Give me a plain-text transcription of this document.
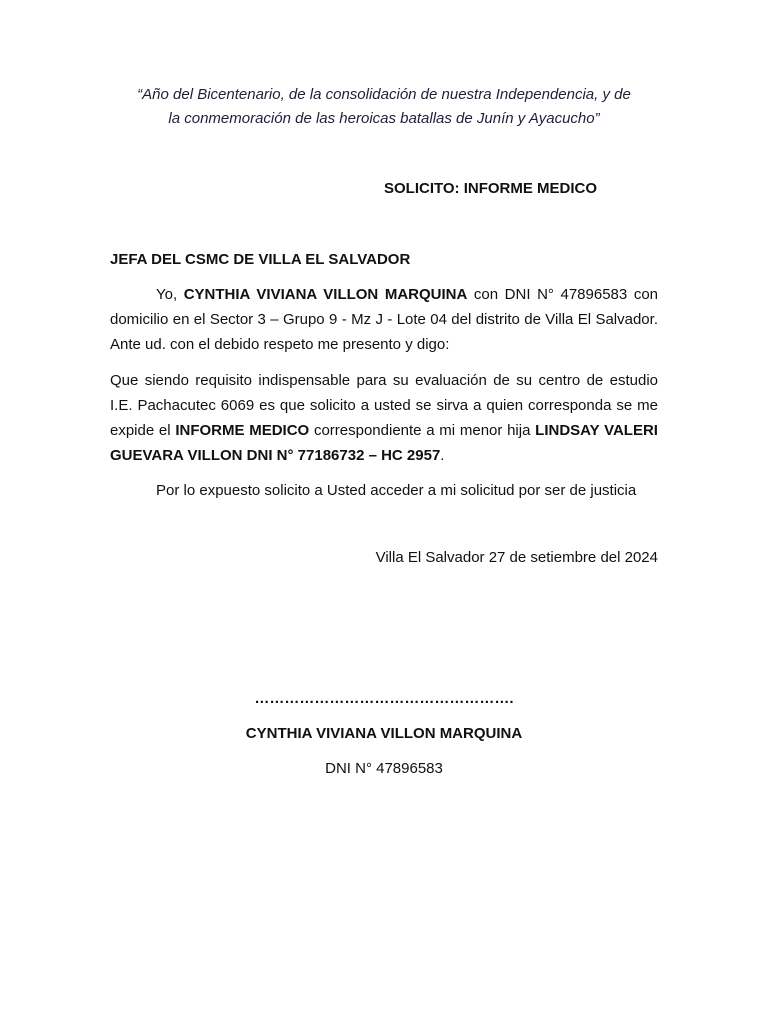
“Año del Bicentenario, de la consolidación de nuestra Independencia, y de
la conmemoración de las heroicas batallas de Junín y Ayacucho”
SOLICITO: INFORME MEDICO
JEFA DEL CSMC DE VILLA EL SALVADOR
Yo, CYNTHIA VIVIANA VILLON MARQUINA con DNI N° 47896583 con domicilio en el Sector 3 – Grupo 9 - Mz J - Lote 04 del distrito de Villa El Salvador. Ante ud. con el debido respeto me presento y digo:
Que siendo requisito indispensable para su evaluación de su centro de estudio I.E. Pachacutec 6069 es que solicito a usted se sirva a quien corresponda se me expide el INFORME MEDICO correspondiente a mi menor hija LINDSAY VALERI GUEVARA VILLON DNI N° 77186732 – HC 2957.
Por lo expuesto solicito a Usted acceder a mi solicitud por ser de justicia
Villa El Salvador 27 de setiembre del 2024
…………………………………………….
CYNTHIA VIVIANA VILLON MARQUINA
DNI N° 47896583
